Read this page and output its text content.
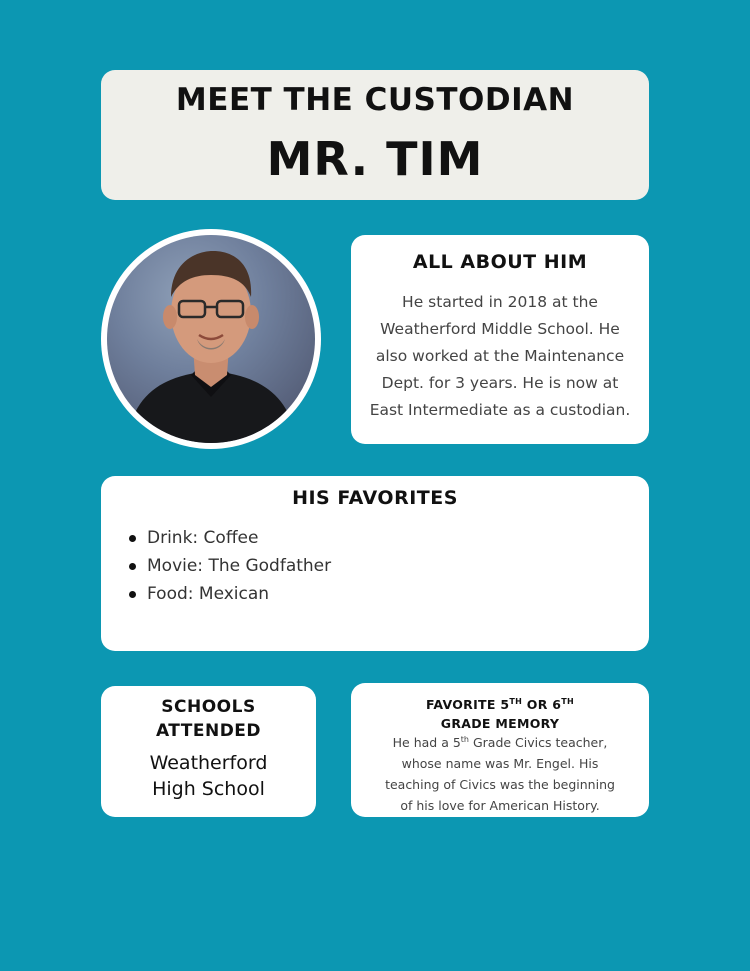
MEET THE CUSTODIAN
MR. TIM
ALL ABOUT HIM
He started in 2018 at the
Weatherford Middle School. He
also worked at the Maintenance
Dept. for 3 years. He is now at
East Intermediate as a custodian.
HIS FAVORITES
Drink: Coffee
Movie: The Godfather
Food: Mexican
SCHOOLS
ATTENDED
Weatherford
High School
FAVORITE 5TH OR 6TH
GRADE MEMORY
He had a 5th Grade Civics teacher,
whose name was Mr. Engel. His
teaching of Civics was the beginning
of his love for American History.
